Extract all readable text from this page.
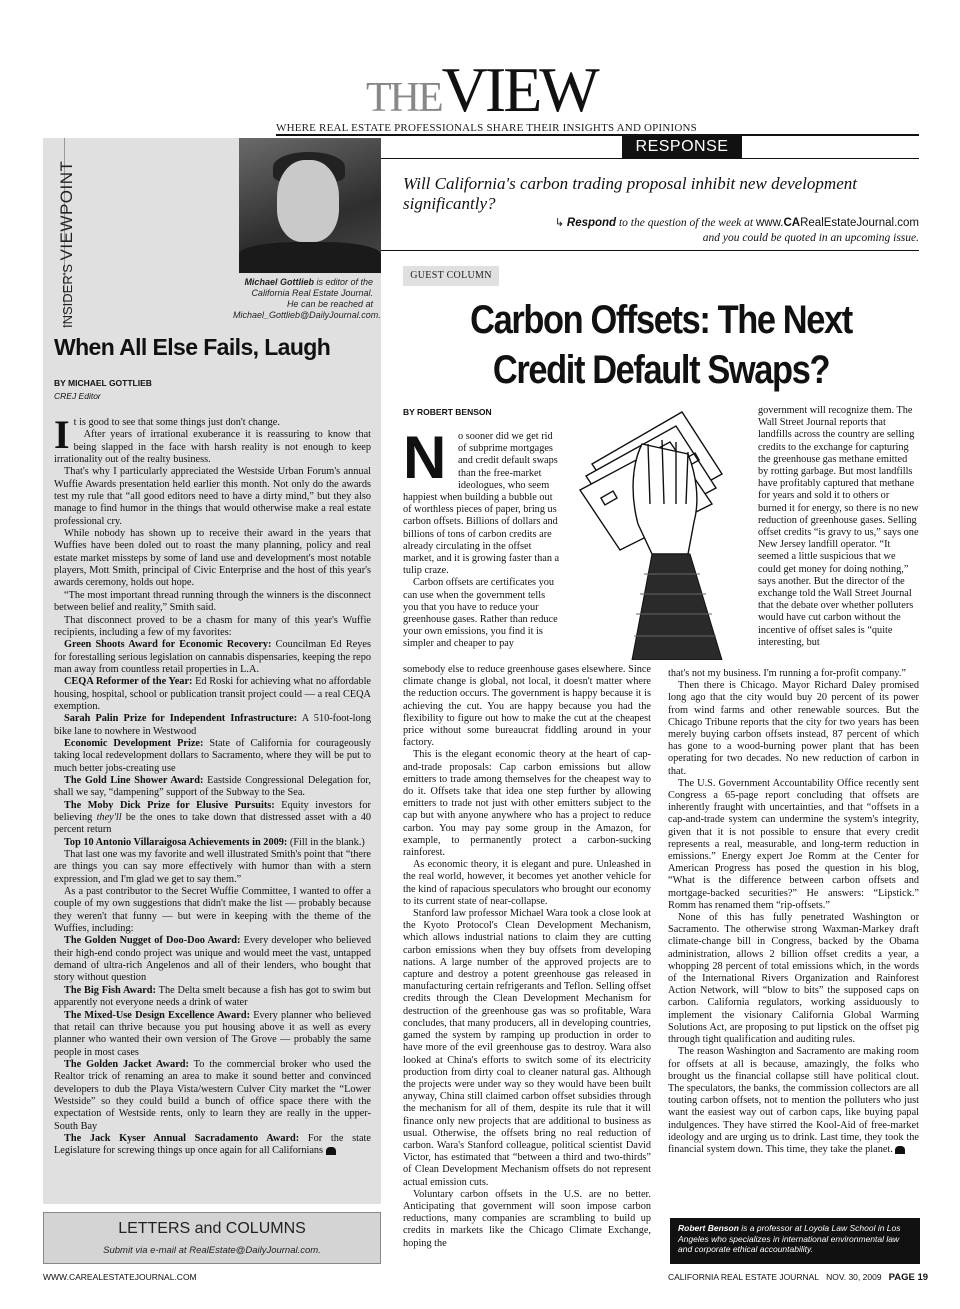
THEVIEW
WHERE REAL ESTATE PROFESSIONALS SHARE THEIR INSIGHTS AND OPINIONS
INSIDER'S VIEWPOINT
Michael Gottlieb is editor of the
California Real Estate Journal.
He can be reached at
Michael_Gottlieb@DailyJournal.com.
When All Else Fails, Laugh
BY MICHAEL GOTTLIEB
CREJ Editor

It is good to see that some things just don't change.

After years of irrational exuberance it is reassuring to know that being slapped in the face with harsh reality is not enough to keep irrationality out of the realty business.

That's why I particularly appreciated the Westside Urban Forum's annual Wuffie Awards presentation held earlier this month. Not only do the awards test my rule that “all good editors need to have a dirty mind,” but they also manage to find humor in the things that would otherwise make a real estate professional cry.

While nobody has shown up to receive their award in the years that Wuffies have been doled out to roast the many planning, policy and real estate market missteps by some of land use and development's most notable players, Mott Smith, principal of Civic Enterprise and the host of this year's awards ceremony, holds out hope.

“The most important thread running through the winners is the disconnect between belief and reality,” Smith said.

That disconnect proved to be a chasm for many of this year's Wuffie recipients, including a few of my favorites:

Green Shoots Award for Economic Recovery: Councilman Ed Reyes for forestalling serious legislation on cannabis dispensaries, keeping the repo man away from countless retail properties in L.A.

CEQA Reformer of the Year: Ed Roski for achieving what no affordable housing, hospital, school or publication transit project could — a real CEQA exemption.

Sarah Palin Prize for Independent Infrastructure: A 510-foot-long bike lane to nowhere in Westwood

Economic Development Prize: State of California for courageously taking local redevelopment dollars to Sacramento, where they will be put to much better jobs-creating use

The Gold Line Shower Award: Eastside Congressional Delegation for, shall we say, “dampening” support of the Subway to the Sea.

The Moby Dick Prize for Elusive Pursuits: Equity investors for believing they'll be the ones to take down that distressed asset with a 40 percent return

Top 10 Antonio Villaraigosa Achievements in 2009: (Fill in the blank.)

That last one was my favorite and well illustrated Smith's point that “there are things you can say more effectively with humor than with a stern expression, and I'm glad we get to say them.”

As a past contributor to the Secret Wuffie Committee, I wanted to offer a couple of my own suggestions that didn't make the list — probably because they weren't that funny — but were in keeping with the theme of the Wuffies, including:

The Golden Nugget of Doo-Doo Award: Every developer who believed their high-end condo project was unique and would meet the vast, untapped demand of ultra-rich Angelenos and all of their lenders, who bought that story without question

The Big Fish Award: The Delta smelt because a fish has got to swim but apparently not everyone needs a drink of water

The Mixed-Use Design Excellence Award: Every planner who believed that retail can thrive because you put housing above it as well as every planner who wanted their own version of The Grove — probably the same people in most cases

The Golden Jacket Award: To the commercial broker who used the Realtor trick of renaming an area to make it sound better and convinced developers to dub the Playa Vista/western Culver City market the “Lower Westside” so they could build a bunch of office space there with the expectation of Westside rents, only to learn they are really in the upper-South Bay

The Jack Kyser Annual Sacradamento Award: For the state Legislature for screwing things up once again for all Californians

LETTERS and COLUMNS
Submit via e-mail at RealEstate@DailyJournal.com.
RESPONSE
Will California's carbon trading proposal inhibit new development significantly?
↳ Respond to the question of the week at www.CARealEstateJournal.com
and you could be quoted in an upcoming issue.
GUEST COLUMN
Carbon Offsets: The Next
Credit Default Swaps?
BY ROBERT BENSON
N o sooner did we get rid
of subprime mortgages
and credit default swaps
than the free-market
ideologues, who seem

happiest when building a bubble out of worthless pieces of paper, bring us carbon offsets. Billions of dollars and billions of tons of carbon credits are already circulating in the offset market, and it is growing faster than a tulip craze.

Carbon offsets are certificates you can use when the government tells you that you have to reduce your greenhouse gases. Rather than reduce your own emissions, you find it is simpler and cheaper to pay

somebody else to reduce greenhouse gases elsewhere. Since climate change is global, not local, it doesn't matter where the reduction occurs. The government is happy because it is achieving the cut. You are happy because you had the flexibility to figure out how to make the cut at the cheapest price without some bureaucrat fiddling around in your factory.

This is the elegant economic theory at the heart of cap-and-trade proposals: Cap carbon emissions but allow emitters to trade among themselves for the cheapest way to do it. Offsets take that idea one step further by allowing emitters to trade not just with other emitters subject to the cap but with anyone anywhere who has a project to reduce carbon. You may pay some group in the Amazon, for example, to permanently protect a carbon-sucking rainforest.

As economic theory, it is elegant and pure. Unleashed in the real world, however, it becomes yet another vehicle for the kind of rapacious speculators who brought our economy to its current state of near-collapse.

Stanford law professor Michael Wara took a close look at the Kyoto Protocol's Clean Development Mechanism, which allows industrial nations to claim they are cutting carbon emissions when they buy offsets from developing nations. A large number of the approved projects are to capture and destroy a potent greenhouse gas released in manufacturing certain refrigerants and Teflon. Selling offset credits through the Clean Development Mechanism for destruction of the greenhouse gas was so profitable, Wara concludes, that many producers, all in developing countries, gamed the system by ramping up production in order to have more of the evil greenhouse gas to destroy. Wara also looked at China's efforts to switch some of its electricity production from dirty coal to cleaner natural gas. Although the projects were under way so they would have been built anyway, China still claimed carbon offset subsidies through the mechanism for all of them, despite its rule that it will finance only new projects that are additional to business as usual. Otherwise, the offsets bring no real reduction of carbon. Wara's Stanford colleague, political scientist David Victor, has estimated that “between a third and two-thirds” of Clean Development Mechanism offsets do not represent actual emission cuts.

Voluntary carbon offsets in the U.S. are no better. Anticipating that government will soon impose carbon reductions, many companies are scrambling to build up credits in markets like the Chicago Climate Exchange, hoping the

government will recognize them. The Wall Street Journal reports that landfills across the country are selling credits to the exchange for capturing the greenhouse gas methane emitted by rotting garbage. But most landfills have profitably captured that methane for years and sold it to others or burned it for energy, so there is no new reduction of greenhouse gases. Selling offset credits “is gravy to us,” says one New Jersey landfill operator. “It seemed a little suspicious that we could get money for doing nothing,” says another. But the director of the exchange told the Wall Street Journal that the debate over whether polluters would have cut carbon without the incentive of offset sales is “quite interesting, but

that's not my business. I'm running a for-profit company.”

Then there is Chicago. Mayor Richard Daley promised long ago that the city would buy 20 percent of its power from wind farms and other renewable sources. But the Chicago Tribune reports that the city for two years has been merely buying carbon offsets instead, 87 percent of which has gone to a wood-burning power plant that has been operating for two decades. No new reduction of carbon in that.

The U.S. Government Accountability Office recently sent Congress a 65-page report concluding that offsets are inherently fraught with uncertainties, and that “offsets in a cap-and-trade system can undermine the system's integrity, given that it is not possible to ensure that every credit represents a real, measurable, and long-term reduction in emissions.” Energy expert Joe Romm at the Center for American Progress has posed the question in his blog, “What is the difference between carbon offsets and mortgage-backed securities?” He answers: “Lipstick.” Romm has renamed them “rip-offsets.”

None of this has fully penetrated Washington or Sacramento. The otherwise strong Waxman-Markey draft climate-change bill in Congress, backed by the Obama administration, allows 2 billion offset credits a year, a whopping 28 percent of total emissions which, in the words of the International Rivers Organization and Rainforest Action Network, will “blow to bits” the supposed caps on carbon. California regulators, working assiduously to implement the visionary California Global Warming Solutions Act, are proposing to put lipstick on the offset pig through tight qualification and auditing rules.

The reason Washington and Sacramento are making room for offsets at all is because, amazingly, the folks who brought us the financial collapse still have political clout. The speculators, the banks, the commission collectors are all touting carbon offsets, not to mention the polluters who just want the easiest way out of carbon caps, like buying papal indulgences. They have stirred the Kool-Aid of free-market ideology and are urging us to drink. Last time, they took the financial system down. This time, they take the planet.

Robert Benson is a professor at Loyola Law School in Los Angeles who specializes in international environmental law and corporate ethical accountability.
WWW.CAREALESTATEJOURNAL.COM	CALIFORNIA REAL ESTATE JOURNAL NOV. 30, 2009 PAGE 19
